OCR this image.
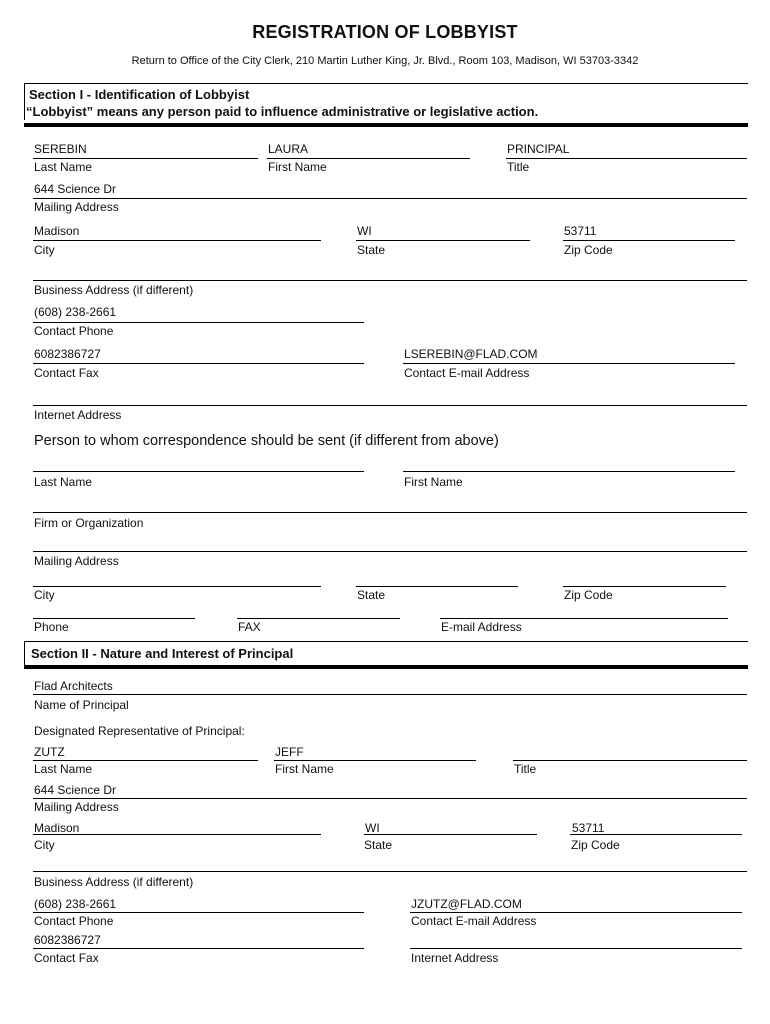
REGISTRATION OF LOBBYIST
Return to Office of the City Clerk, 210 Martin Luther King, Jr. Blvd., Room 103, Madison, WI 53703-3342
Section I - Identification of Lobbyist
“Lobbyist” means any person paid to influence administrative or legislative action.
SEREBIN
Last Name
LAURA
First Name
PRINCIPAL
Title
644 Science Dr
Mailing Address
Madison
City
WI
State
53711
Zip Code
Business Address (if different)
(608) 238-2661
Contact Phone
6082386727
Contact Fax
LSEREBIN@FLAD.COM
Contact E-mail Address
Internet Address
Person to whom correspondence should be sent (if different from above)
Last Name	First Name
Firm or Organization
Mailing Address
City	State	Zip Code
Phone	FAX	E-mail Address
Section II - Nature and Interest of Principal
Flad Architects
Name of Principal
Designated Representative of Principal:
ZUTZ
Last Name
JEFF
First Name	Title
644 Science Dr
Mailing Address
Madison
City
WI
State
53711
Zip Code
Business Address (if different)
(608) 238-2661
Contact Phone
JZUTZ@FLAD.COM
Contact E-mail Address
6082386727
Contact Fax	Internet Address
